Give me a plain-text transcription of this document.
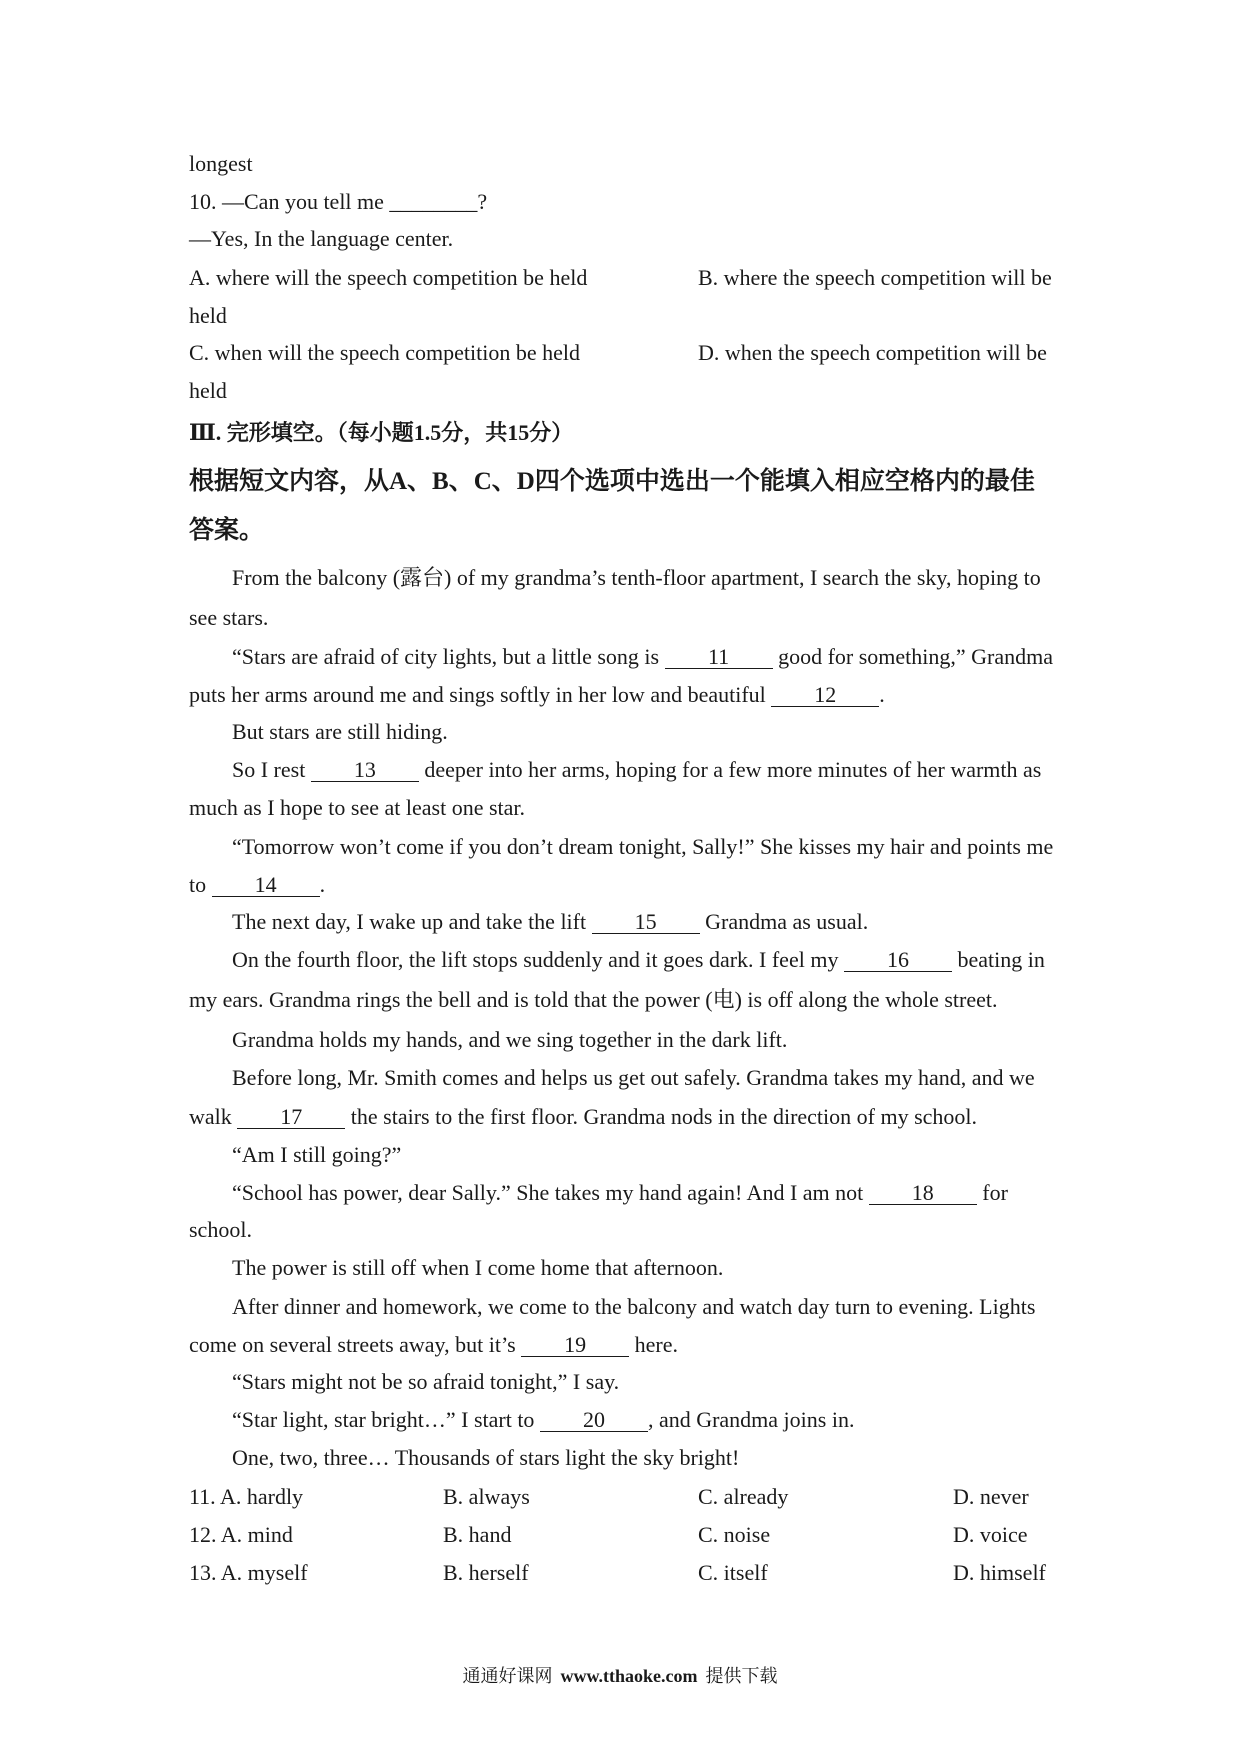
longest
10. —Can you tell me ________?
—Yes, In the language center.
A. where will the speech competition be held	B. where the speech competition will be
held
C. when will the speech competition be held	D. when the speech competition will be
held
Ⅲ. 完形填空。（每小题1.5分，共15分）
根据短文内容，从A、B、C、D四个选项中选出一个能填入相应空格内的最佳
答案。
From the balcony (露台) of my grandma’s tenth-floor apartment, I search the sky, hoping to
see stars.
“Stars are afraid of city lights, but a little song is 11 good for something,” Grandma
puts her arms around me and sings softly in her low and beautiful 12 .
But stars are still hiding.
So I rest 13 deeper into her arms, hoping for a few more minutes of her warmth as
much as I hope to see at least one star.
“Tomorrow won’t come if you don’t dream tonight, Sally!” She kisses my hair and points me
to 14 .
The next day, I wake up and take the lift 15 Grandma as usual.
On the fourth floor, the lift stops suddenly and it goes dark. I feel my 16 beating in
my ears. Grandma rings the bell and is told that the power (电) is off along the whole street.
Grandma holds my hands, and we sing together in the dark lift.
Before long, Mr. Smith comes and helps us get out safely. Grandma takes my hand, and we
walk 17 the stairs to the first floor. Grandma nods in the direction of my school.
“Am I still going?”
“School has power, dear Sally.” She takes my hand again! And I am not 18 for
school.
The power is still off when I come home that afternoon.
After dinner and homework, we come to the balcony and watch day turn to evening. Lights
come on several streets away, but it’s 19 here.
“Stars might not be so afraid tonight,” I say.
“Star light, star bright…” I start to 20 , and Grandma joins in.
One, two, three… Thousands of stars light the sky bright!
11. A. hardly	B. always	C. already	D. never
12. A. mind	B. hand	C. noise	D. voice
13. A. myself	B. herself	C. itself	D. himself
通通好课网 www.tthaoke.com 提供下载
